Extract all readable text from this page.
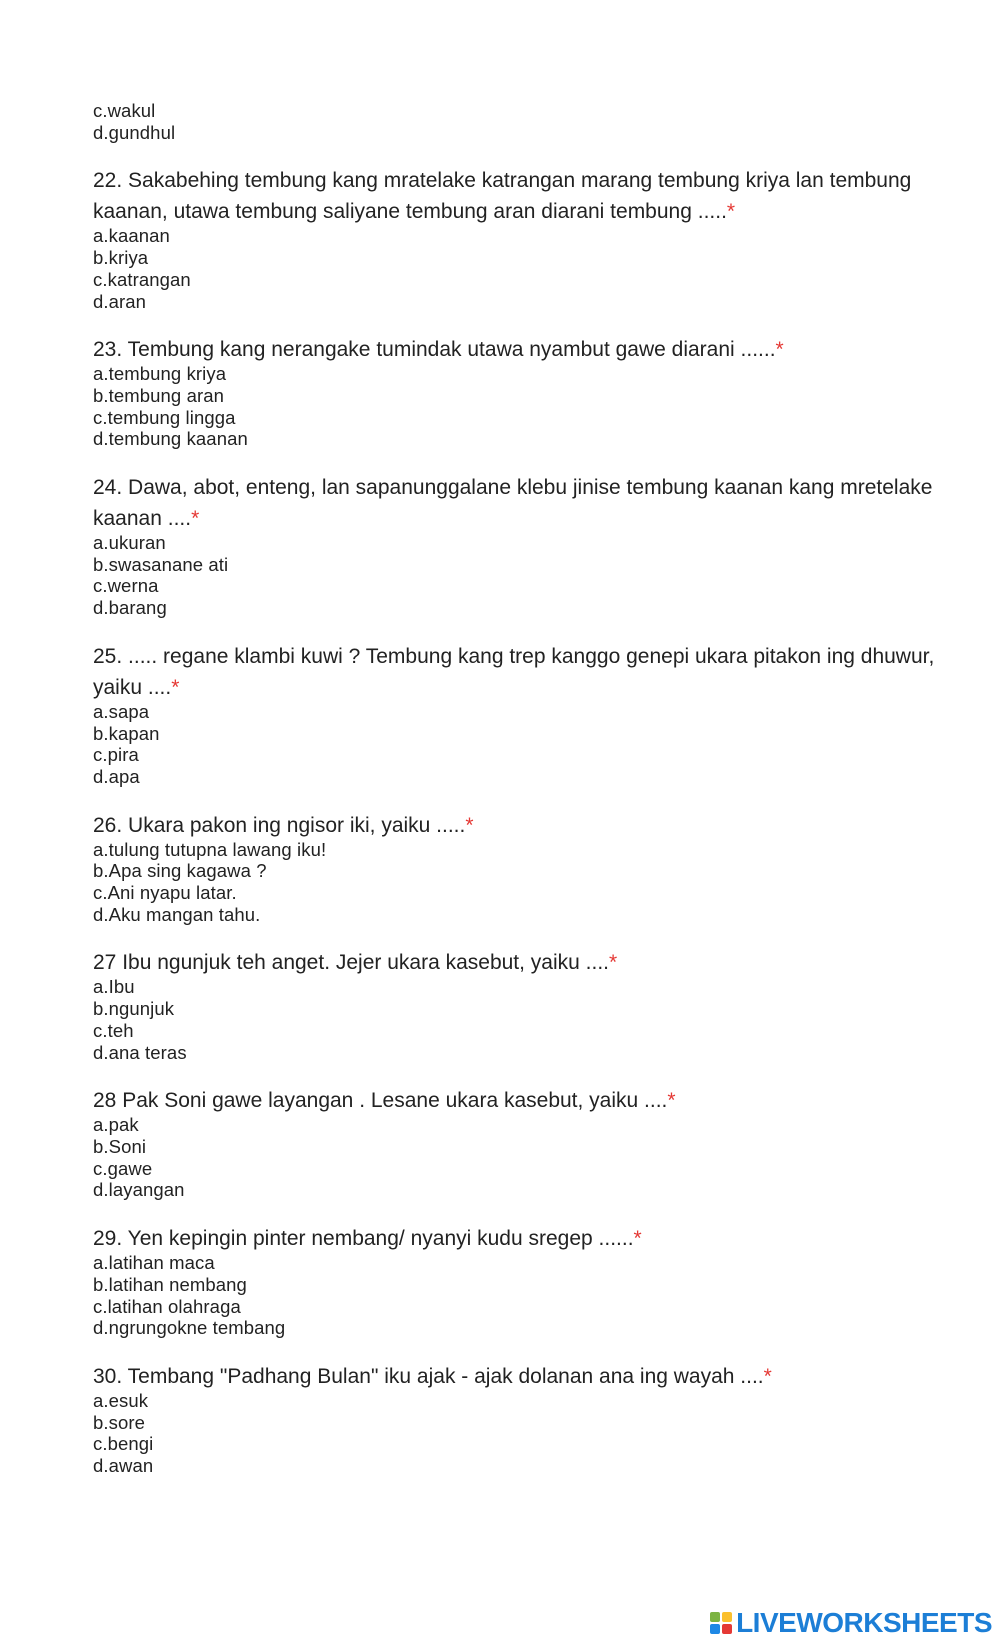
c.wakul

d.gundhul

22. Sakabehing tembung kang mratelake katrangan marang tembung kriya lan tembung kaanan, utawa tembung saliyane tembung aran diarani tembung .....*

a.kaanan

b.kriya

c.katrangan

d.aran

23. Tembung kang nerangake tumindak utawa nyambut gawe diarani ......*

a.tembung kriya

b.tembung aran

c.tembung lingga

d.tembung kaanan

24. Dawa, abot, enteng, lan sapanunggalane klebu jinise tembung kaanan kang mretelake kaanan ....*

a.ukuran

b.swasanane ati

c.werna

d.barang

25. ..... regane klambi kuwi ? Tembung kang trep kanggo genepi ukara pitakon ing dhuwur, yaiku ....*

a.sapa

b.kapan

c.pira

d.apa

26. Ukara pakon ing ngisor iki, yaiku .....*

a.tulung tutupna lawang iku!

b.Apa sing kagawa ?

c.Ani nyapu latar.

d.Aku mangan tahu.

27 Ibu ngunjuk teh anget. Jejer ukara kasebut, yaiku ....*

a.Ibu

b.ngunjuk

c.teh

d.ana teras

28 Pak Soni gawe layangan . Lesane ukara kasebut, yaiku ....*

a.pak

b.Soni

c.gawe

d.layangan

29. Yen kepingin pinter nembang/ nyanyi kudu sregep ......*

a.latihan maca

b.latihan nembang

c.latihan olahraga

d.ngrungokne tembang

30. Tembang "Padhang Bulan" iku ajak - ajak dolanan ana ing wayah ....*

a.esuk

b.sore

c.bengi

d.awan

LIVEWORKSHEETS
